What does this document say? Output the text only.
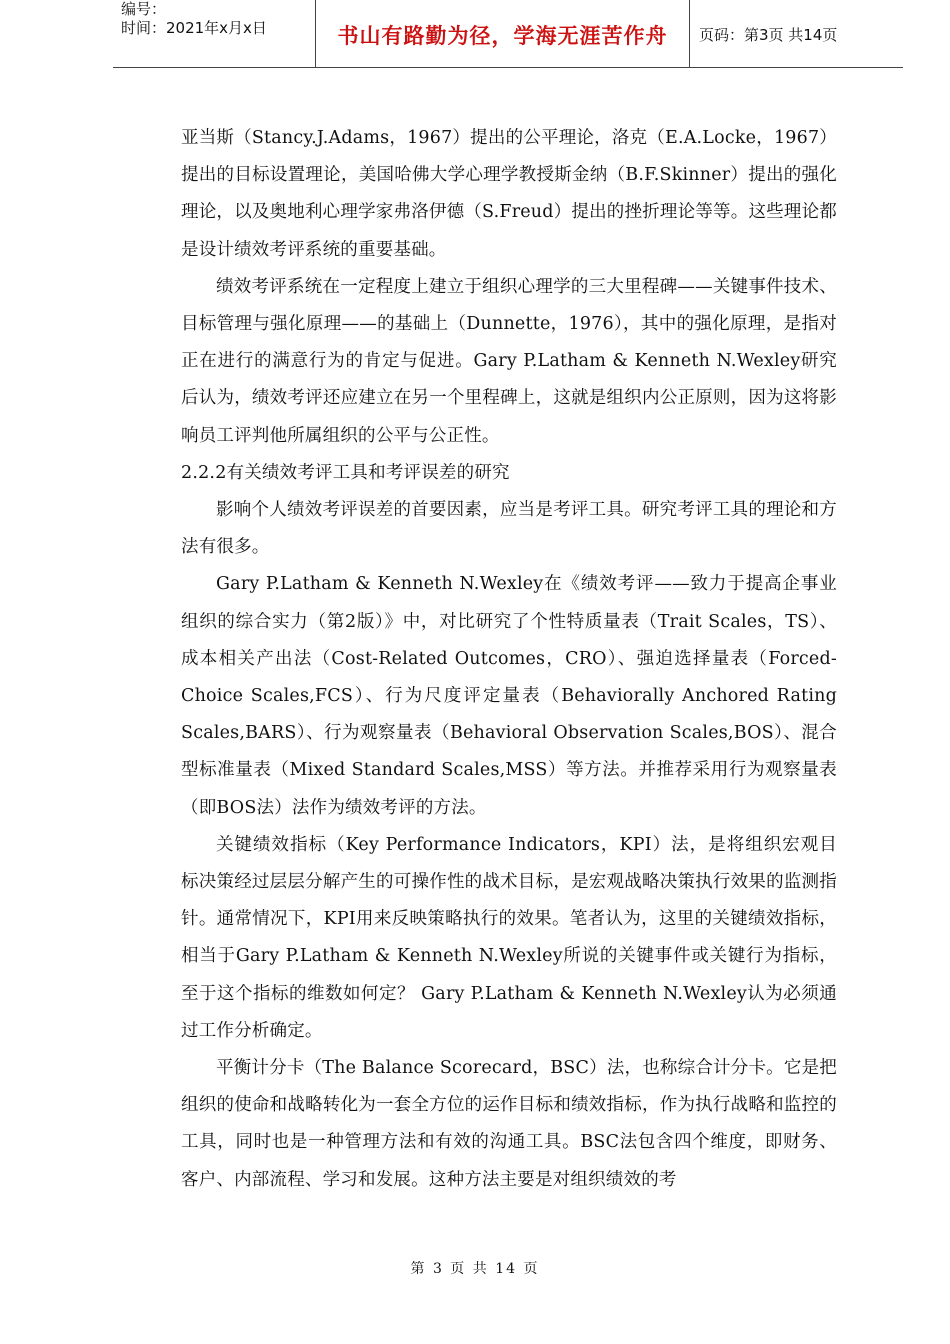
编号：
时间：2021年x月x日	书山有路勤为径，学海无涯苦作舟 页码：第3页 共14页

亚当斯（Stancy.J.Adams，1967）提出的公平理论，洛克（E.A.Locke，1967）提出的目标设置理论，美国哈佛大学心理学教授斯金纳（B.F.Skinner）提出的强化理论，以及奥地利心理学家弗洛伊德（S.Freud）提出的挫折理论等等。这些理论都是设计绩效考评系统的重要基础。

绩效考评系统在一定程度上建立于组织心理学的三大里程碑——关键事件技术、目标管理与强化原理——的基础上（Dunnette，1976），其中的强化原理，是指对正在进行的满意行为的肯定与促进。Gary P.Latham & Kenneth N.Wexley研究后认为，绩效考评还应建立在另一个里程碑上，这就是组织内公正原则，因为这将影响员工评判他所属组织的公平与公正性。

2.2.2有关绩效考评工具和考评误差的研究

影响个人绩效考评误差的首要因素，应当是考评工具。研究考评工具的理论和方法有很多。

Gary P.Latham & Kenneth N.Wexley在《绩效考评——致力于提高企事业组织的综合实力（第2版）》中，对比研究了个性特质量表（Trait Scales，TS）、成本相关产出法（Cost-Related Outcomes，CRO）、强迫选择量表（Forced-Choice Scales,FCS）、行为尺度评定量表（Behaviorally Anchored Rating Scales,BARS）、行为观察量表（Behavioral Observation Scales,BOS）、混合型标准量表（Mixed Standard Scales,MSS）等方法。并推荐采用行为观察量表（即BOS法）法作为绩效考评的方法。

关键绩效指标（Key Performance Indicators，KPI）法，是将组织宏观目标决策经过层层分解产生的可操作性的战术目标，是宏观战略决策执行效果的监测指针。通常情况下，KPI用来反映策略执行的效果。笔者认为，这里的关键绩效指标，相当于Gary P.Latham & Kenneth N.Wexley所说的关键事件或关键行为指标，至于这个指标的维数如何定？ Gary P.Latham & Kenneth N.Wexley认为必须通过工作分析确定。

平衡计分卡（The Balance Scorecard，BSC）法，也称综合计分卡。它是把组织的使命和战略转化为一套全方位的运作目标和绩效指标，作为执行战略和监控的工具，同时也是一种管理方法和有效的沟通工具。BSC法包含四个维度，即财务、客户、内部流程、学习和发展。这种方法主要是对组织绩效的考

第 3 页 共 14 页
